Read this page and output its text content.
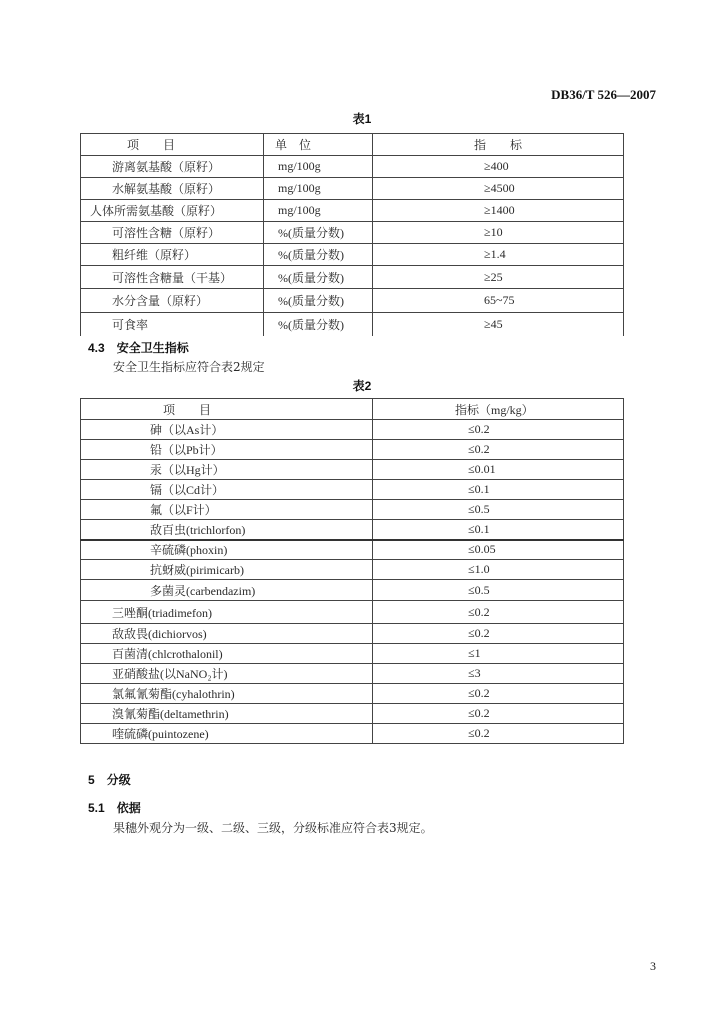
DB36/T 526—2007
表1
项　　目	单　位	指　　标
游离氨基酸（原籽）	mg/100g	≥400
水解氨基酸（原籽）	mg/100g	≥4500
人体所需氨基酸（原籽）	mg/100g	≥1400
可溶性含糖（原籽）	%(质量分数)	≥10
粗纤维（原籽）	%(质量分数)	≥1.4
可溶性含糖量（干基）	%(质量分数)	≥25
水分含量（原籽）	%(质量分数)	65~75
可食率	%(质量分数)	≥45
4.3 安全卫生指标
安全卫生指标应符合表2规定
表2
项　　目	指标（mg/kg）
砷（以As计）	≤0.2
铅（以Pb计）	≤0.2
汞（以Hg计）	≤0.01
镉（以Cd计）	≤0.1
氟（以F计）	≤0.5
敌百虫(trichlorfon)	≤0.1
辛硫磷(phoxin)	≤0.05
抗蚜威(pirimicarb)	≤1.0
多菌灵(carbendazim)	≤0.5
三唑酮(triadimefon)	≤0.2
敌敌畏(dichiorvos)	≤0.2
百菌清(chlcrothalonil)	≤1
亚硝酸盐(以NaNO₂计)	≤3
氯氟氰菊酯(cyhalothrin)	≤0.2
溴氰菊酯(deltamethrin)	≤0.2
喹硫磷(puintozene)	≤0.2
5 分级
5.1 依据
果穗外观分为一级、二级、三级，分级标准应符合表3规定。
3
